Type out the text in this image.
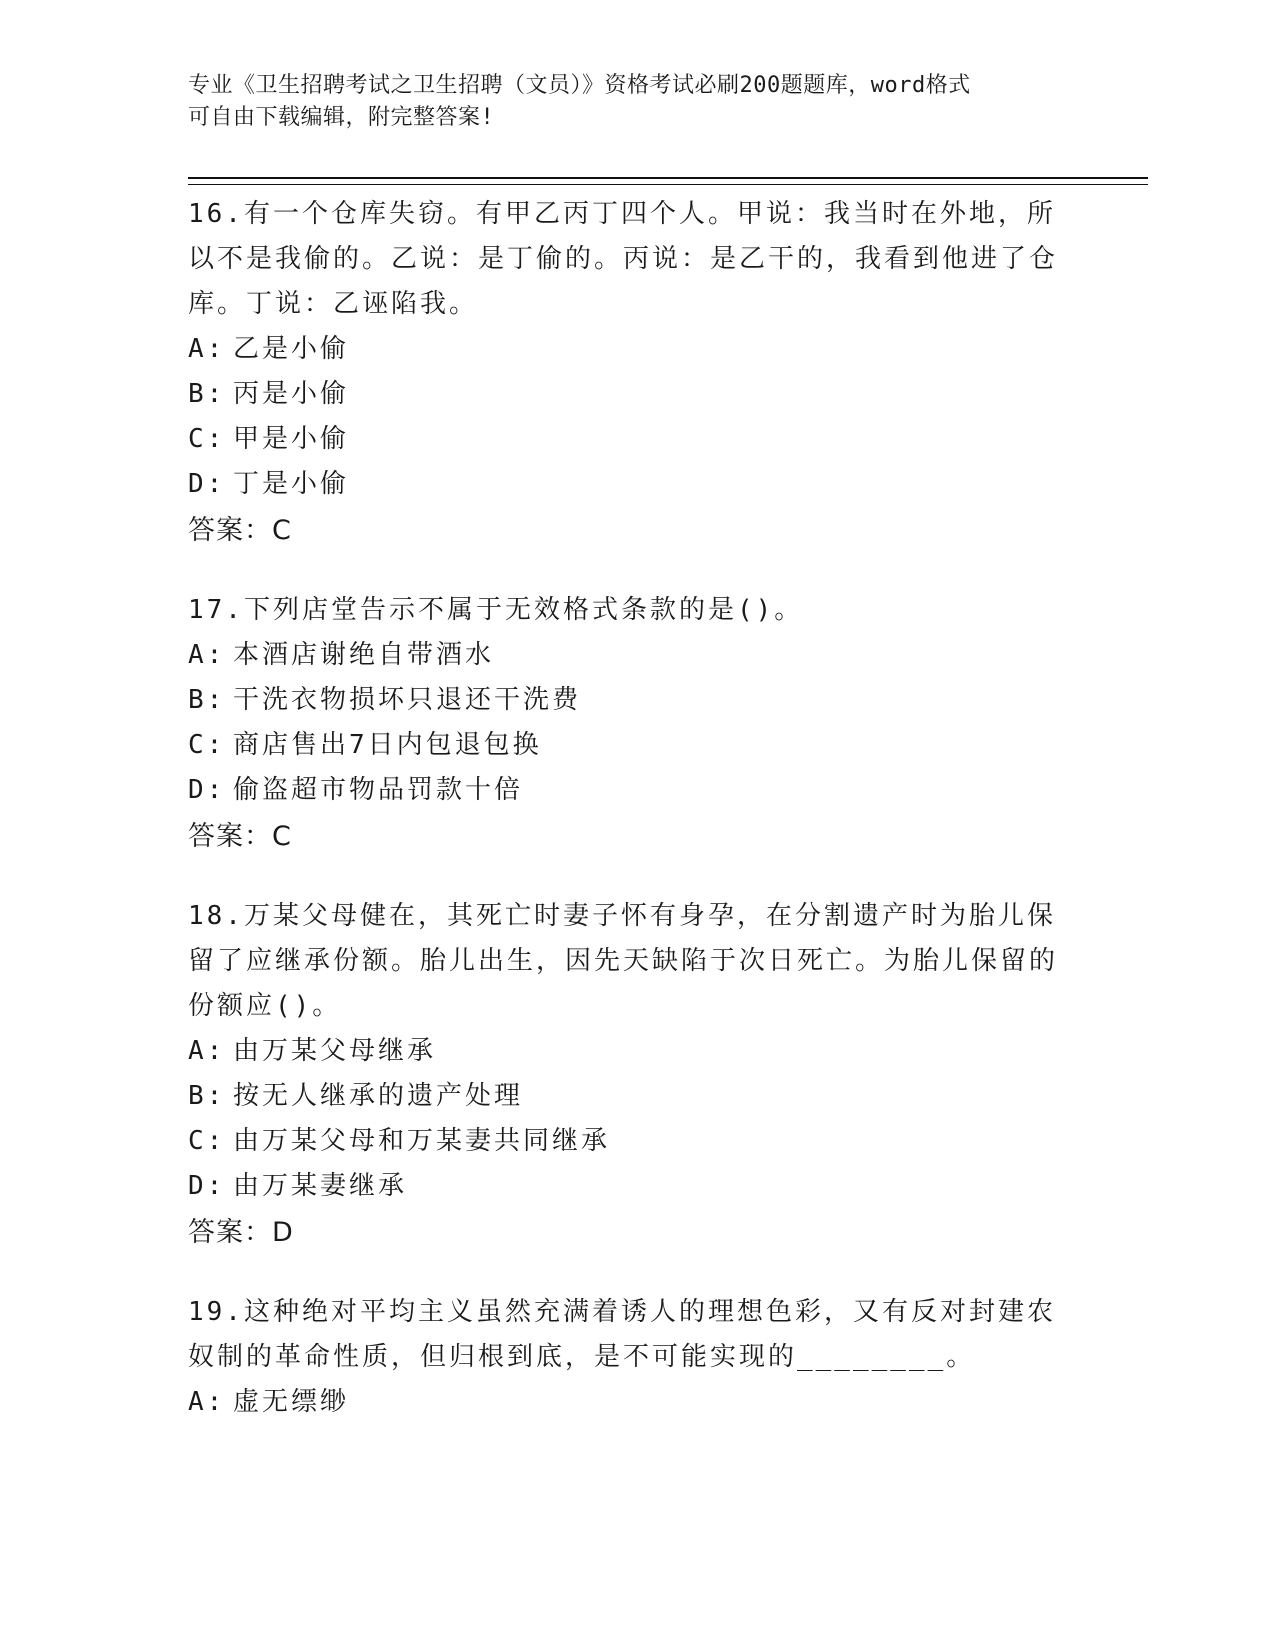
专业《卫生招聘考试之卫生招聘（文员）》资格考试必刷200题题库，word格式
可自由下载编辑，附完整答案!

16.有一个仓库失窃。有甲乙丙丁四个人。甲说：我当时在外地，所以不是我偷的。乙说：是丁偷的。丙说：是乙干的，我看到他进了仓库。丁说：乙诬陷我。

A: 乙是小偷

B: 丙是小偷

C: 甲是小偷

D: 丁是小偷

答案：C

17.下列店堂告示不属于无效格式条款的是()。

A: 本酒店谢绝自带酒水

B: 干洗衣物损坏只退还干洗费

C: 商店售出7日内包退包换

D: 偷盗超市物品罚款十倍

答案：C

18.万某父母健在，其死亡时妻子怀有身孕，在分割遗产时为胎儿保留了应继承份额。胎儿出生，因先天缺陷于次日死亡。为胎儿保留的份额应()。

A: 由万某父母继承

B: 按无人继承的遗产处理

C: 由万某父母和万某妻共同继承

D: 由万某妻继承

答案：D

19.这种绝对平均主义虽然充满着诱人的理想色彩，又有反对封建农奴制的革命性质，但归根到底，是不可能实现的________。

A: 虚无缥缈
